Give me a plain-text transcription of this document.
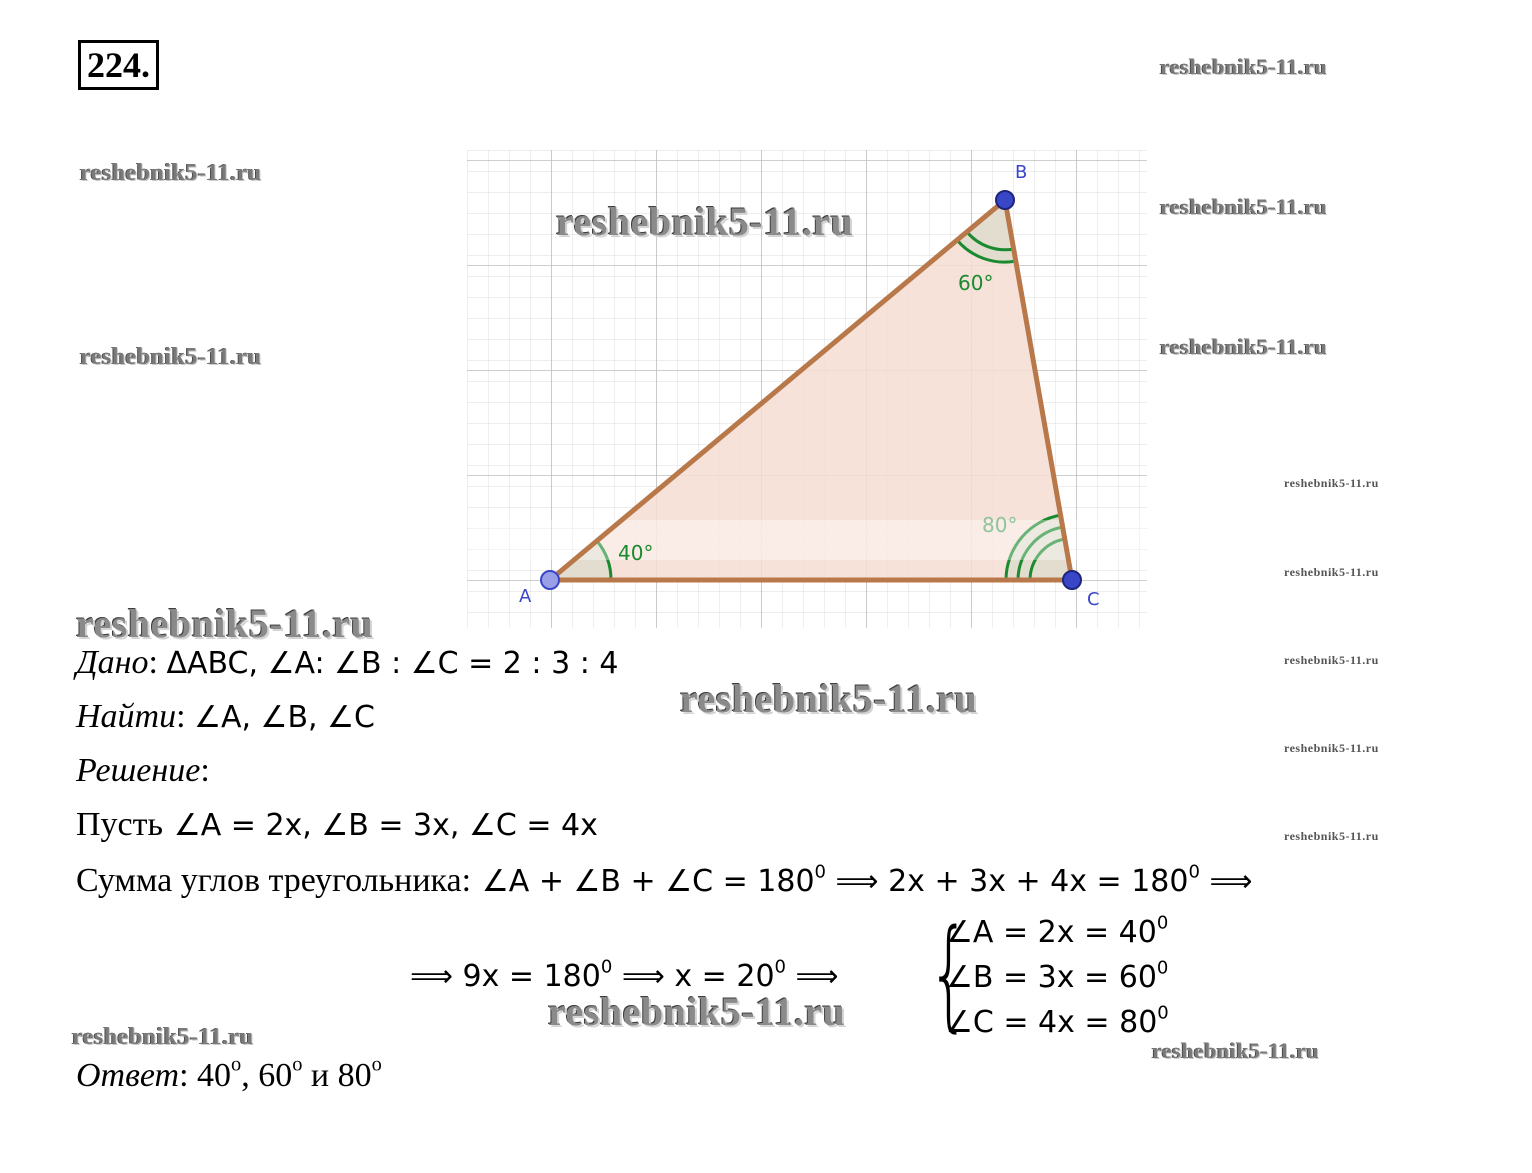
224.	reshebnik5-11.ru
reshebnik5-11.ru
reshebnik5-11.ru
reshebnik5-11.ru	reshebnik5-11.ru
reshebnik5-11.ru
reshebnik5-11.ru
reshebnik5-11.ru
reshebnik5-11.ru
reshebnik5-11.ru
A
B
C
40°
60°
80°
reshebnik5-11.ru
reshebnik5-11.ru
reshebnik5-11.ru
reshebnik5-11.ru
reshebnik5-11.ru
reshebnik5-11.ru
Дано: ΔABC, ∠A: ∠B : ∠C = 2 : 3 : 4
Найти: ∠A, ∠B, ∠C
Решение:
Пусть ∠A = 2x, ∠B = 3x, ∠C = 4x
Сумма углов треугольника: ∠A + ∠B + ∠C = $180^0$ ⟹ $2x + 3x + 4x = 180^0$ ⟹
⟹ $9x = 180^0$ ⟹ $x = 20^0$ ⟹ {
∠A = $2x = 40^0$
∠B = $3x = 60^0$
∠C = $4x = 80^0$
Ответ: $40^о$, $60^о$ и $80^о$
